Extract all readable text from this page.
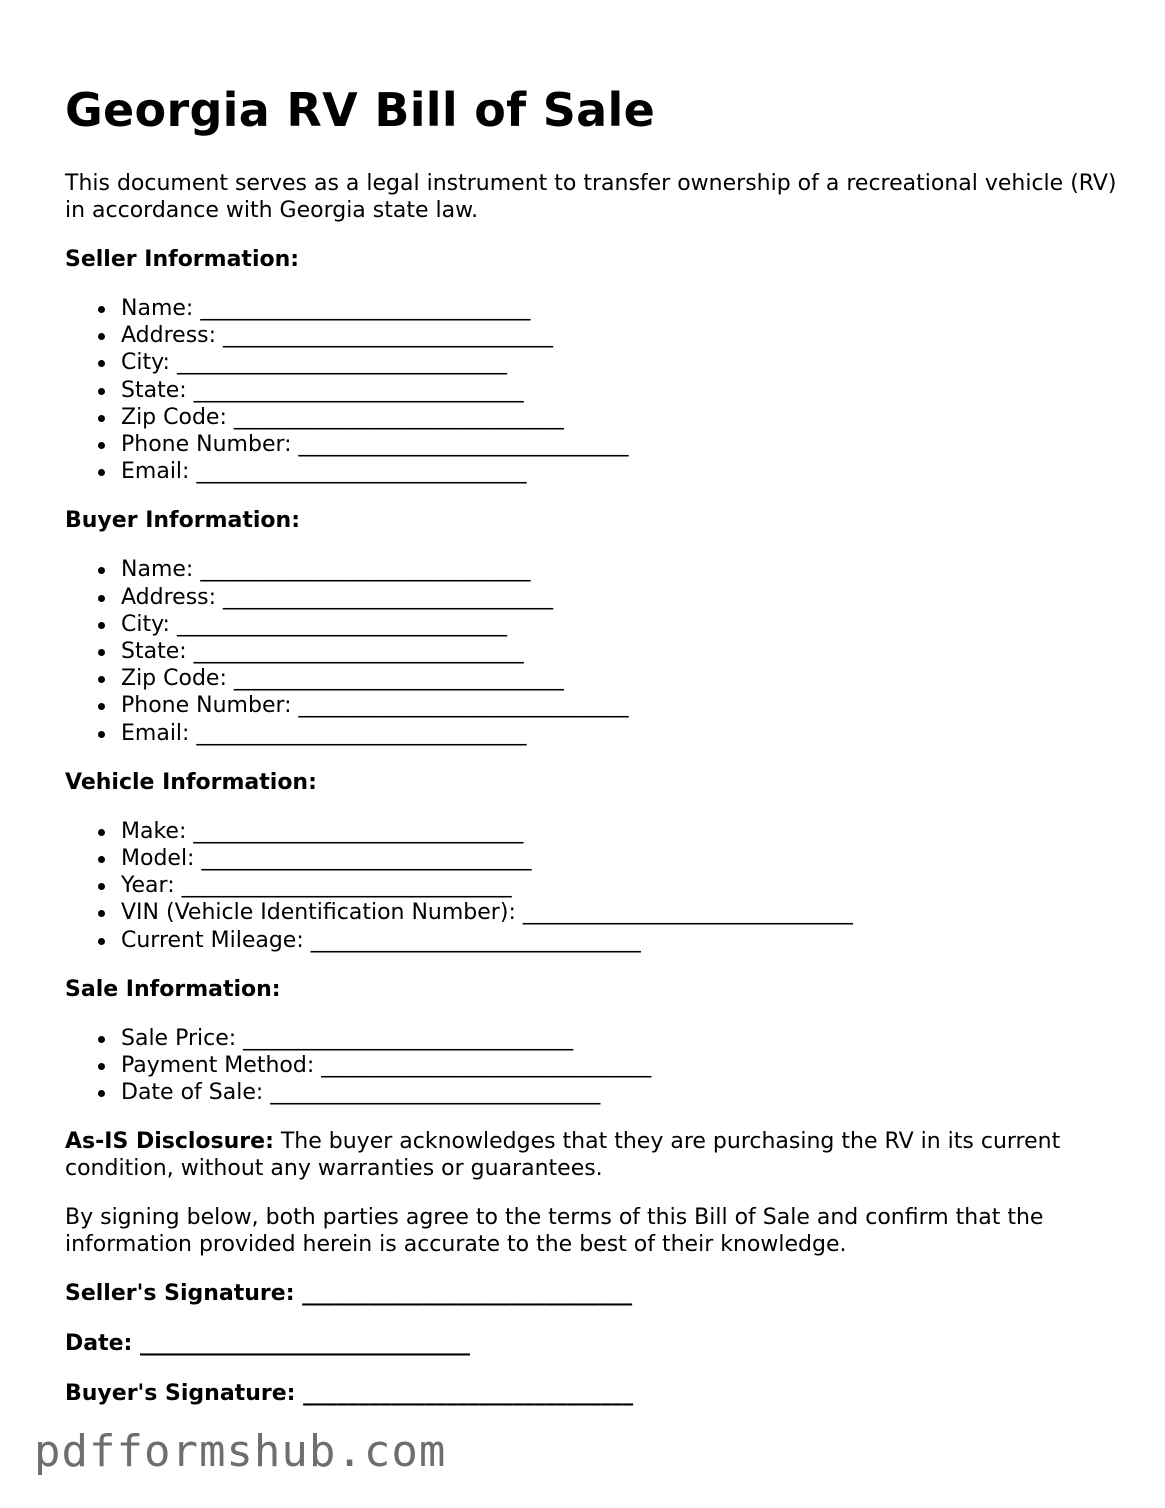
Georgia RV Bill of Sale

This document serves as a legal instrument to transfer ownership of a recreational vehicle (RV) in accordance with Georgia state law.

Seller Information:
Name: ______________________________
Address: ______________________________
City: ______________________________
State: ______________________________
Zip Code: ______________________________
Phone Number: ______________________________
Email: ______________________________
Buyer Information:
Name: ______________________________
Address: ______________________________
City: ______________________________
State: ______________________________
Zip Code: ______________________________
Phone Number: ______________________________
Email: ______________________________
Vehicle Information:
Make: ______________________________
Model: ______________________________
Year: ______________________________
VIN (Vehicle Identification Number): ______________________________
Current Mileage: ______________________________
Sale Information:
Sale Price: ______________________________
Payment Method: ______________________________
Date of Sale: ______________________________

As-IS Disclosure: The buyer acknowledges that they are purchasing the RV in its current condition, without any warranties or guarantees.

By signing below, both parties agree to the terms of this Bill of Sale and confirm that the information provided herein is accurate to the best of their knowledge.

Seller's Signature: ______________________________
Date: ______________________________
Buyer's Signature: ______________________________
pdfformshub.com
